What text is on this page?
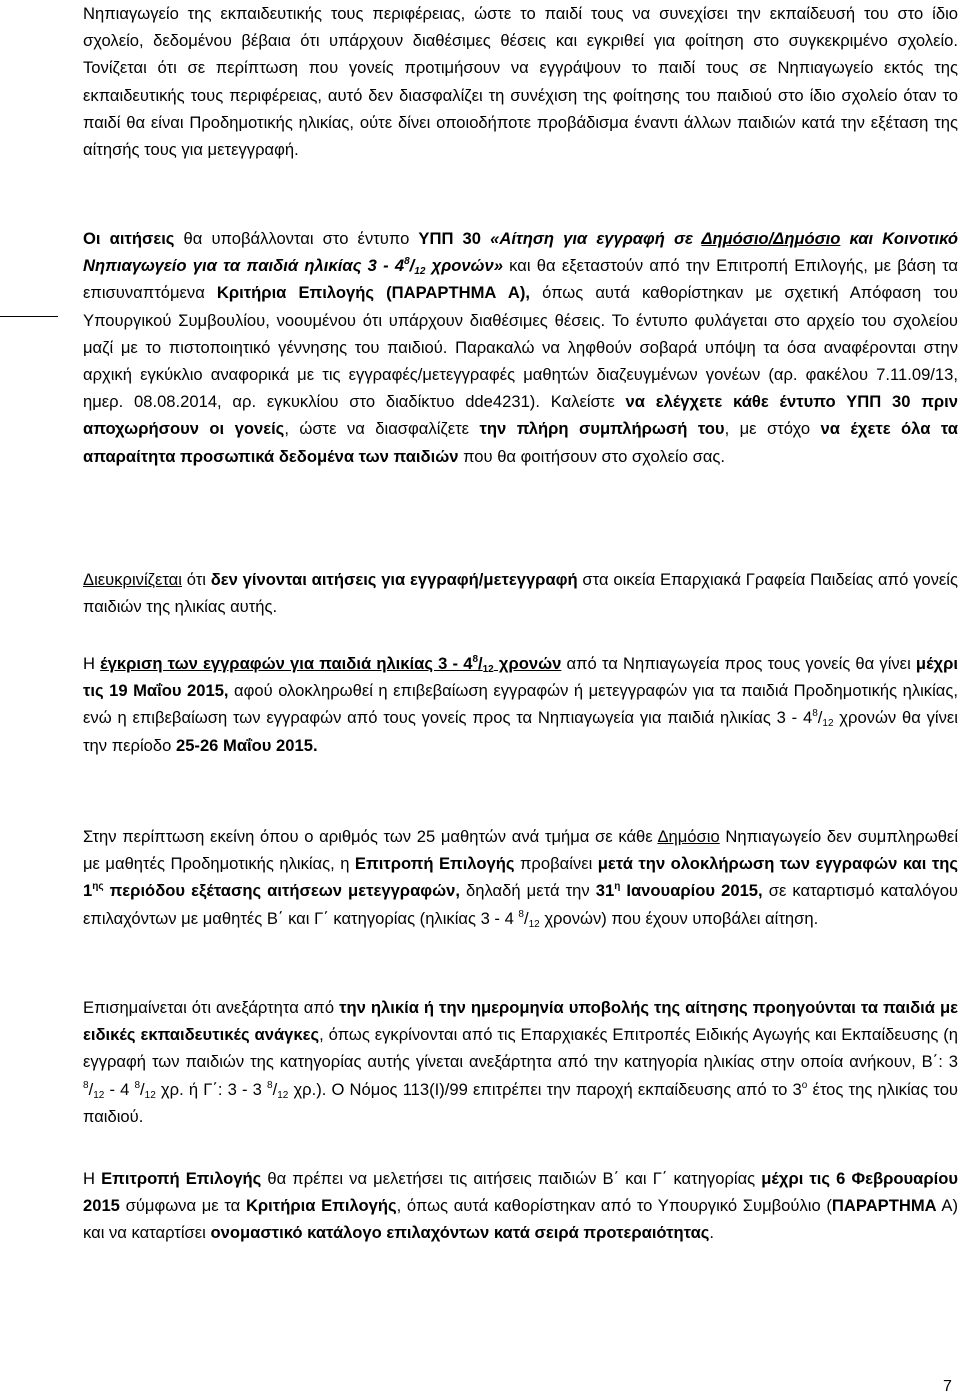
Νηπιαγωγείο της εκπαιδευτικής τους περιφέρειας, ώστε το παιδί τους να συνεχίσει την εκπαίδευσή του στο ίδιο σχολείο, δεδομένου βέβαια ότι υπάρχουν διαθέσιμες θέσεις και εγκριθεί για φοίτηση στο συγκεκριμένο σχολείο. Τονίζεται ότι σε περίπτωση που γονείς προτιμήσουν να εγγράψουν το παιδί τους σε Νηπιαγωγείο εκτός της εκπαιδευτικής τους περιφέρειας, αυτό δεν διασφαλίζει τη συνέχιση της φοίτησης του παιδιού στο ίδιο σχολείο όταν το παιδί θα είναι Προδημοτικής ηλικίας, ούτε δίνει οποιοδήποτε προβάδισμα έναντι άλλων παιδιών κατά την εξέταση της αίτησής τους για μετεγγραφή.

Οι αιτήσεις θα υποβάλλονται στο έντυπο ΥΠΠ 30 «Αίτηση για εγγραφή σε Δημόσιο/Δημόσιο και Κοινοτικό Νηπιαγωγείο για τα παιδιά ηλικίας $3 - 4^8/_{12}$ χρονών» και θα εξεταστούν από την Επιτροπή Επιλογής, με βάση τα επισυναπτόμενα Κριτήρια Επιλογής (ΠΑΡΑΡΤΗΜΑ Α), όπως αυτά καθορίστηκαν με σχετική Απόφαση του Υπουργικού Συμβουλίου, νοουμένου ότι υπάρχουν διαθέσιμες θέσεις. Το έντυπο φυλάγεται στο αρχείο του σχολείου μαζί με το πιστοποιητικό γέννησης του παιδιού. Παρακαλώ να ληφθούν σοβαρά υπόψη τα όσα αναφέρονται στην αρχική εγκύκλιο αναφορικά με τις εγγραφές/μετεγγραφές μαθητών διαζευγμένων γονέων (αρ. φακέλου 7.11.09/13, ημερ. 08.08.2014, αρ. εγκυκλίου στο διαδίκτυο dde4231). Καλείστε να ελέγχετε κάθε έντυπο ΥΠΠ 30 πριν αποχωρήσουν οι γονείς, ώστε να διασφαλίζετε την πλήρη συμπλήρωσή του, με στόχο να έχετε όλα τα απαραίτητα προσωπικά δεδομένα των παιδιών που θα φοιτήσουν στο σχολείο σας.

Διευκρινίζεται ότι δεν γίνονται αιτήσεις για εγγραφή/μετεγγραφή στα οικεία Επαρχιακά Γραφεία Παιδείας από γονείς παιδιών της ηλικίας αυτής.

Η έγκριση των εγγραφών για παιδιά ηλικίας $3 - 4^8/_{12}$ χρονών από τα Νηπιαγωγεία προς τους γονείς θα γίνει μέχρι τις 19 Μαΐου 2015, αφού ολοκληρωθεί η επιβεβαίωση εγγραφών ή μετεγγραφών για τα παιδιά Προδημοτικής ηλικίας, ενώ η επιβεβαίωση των εγγραφών από τους γονείς προς τα Νηπιαγωγεία για παιδιά ηλικίας $3 - 4^8/_{12}$ χρονών θα γίνει την περίοδο 25-26 Μαΐου 2015.

Στην περίπτωση εκείνη όπου ο αριθμός των 25 μαθητών ανά τμήμα σε κάθε Δημόσιο Νηπιαγωγείο δεν συμπληρωθεί με μαθητές Προδημοτικής ηλικίας, η Επιτροπή Επιλογής προβαίνει μετά την ολοκλήρωση των εγγραφών και της $1^{\eta\varsigma}$ περιόδου εξέτασης αιτήσεων μετεγγραφών, δηλαδή μετά την $31^\eta$ Ιανουαρίου 2015, σε καταρτισμό καταλόγου επιλαχόντων με μαθητές Β΄ και Γ΄ κατηγορίας (ηλικίας 3 - 4 $^8/_{12}$ χρονών) που έχουν υποβάλει αίτηση.

Επισημαίνεται ότι ανεξάρτητα από την ηλικία ή την ημερομηνία υποβολής της αίτησης προηγούνται τα παιδιά με ειδικές εκπαιδευτικές ανάγκες, όπως εγκρίνονται από τις Επαρχιακές Επιτροπές Ειδικής Αγωγής και Εκπαίδευσης (η εγγραφή των παιδιών της κατηγορίας αυτής γίνεται ανεξάρτητα από την κατηγορία ηλικίας στην οποία ανήκουν, Β΄: 3 $^8/_{12} - 4$ $^8/_{12}$ χρ. ή Γ΄: 3 - 3 $^8/_{12}$ χρ.). Ο Νόμος 113(Ι)/99 επιτρέπει την παροχή εκπαίδευσης από το $3^o$ έτος της ηλικίας του παιδιού.

Η Επιτροπή Επιλογής θα πρέπει να μελετήσει τις αιτήσεις παιδιών Β΄ και Γ΄ κατηγορίας μέχρι τις 6 Φεβρουαρίου 2015 σύμφωνα με τα Κριτήρια Επιλογής, όπως αυτά καθορίστηκαν από το Υπουργικό Συμβούλιο (ΠΑΡΑΡΤΗΜΑ Α) και να καταρτίσει ονομαστικό κατάλογο επιλαχόντων κατά σειρά προτεραιότητας.

7
